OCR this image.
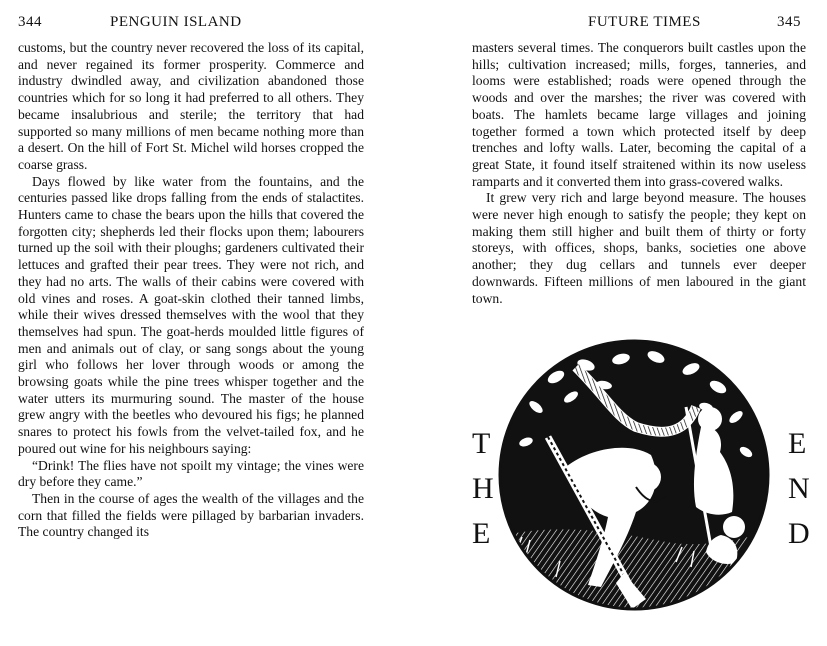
344	PENGUIN ISLAND

customs, but the country never recovered the loss of its capital, and never regained its former prosperity. Commerce and industry dwindled away, and civilization abandoned those countries which for so long it had preferred to all others. They became insalubrious and sterile; the territory that had supported so many millions of men became nothing more than a desert. On the hill of Fort St. Michel wild horses cropped the coarse grass.

Days flowed by like water from the fountains, and the centuries passed like drops falling from the ends of stalactites. Hunters came to chase the bears upon the hills that covered the forgotten city; shepherds led their flocks upon them; labourers turned up the soil with their ploughs; gardeners cultivated their lettuces and grafted their pear trees. They were not rich, and they had no arts. The walls of their cabins were covered with old vines and roses. A goat-skin clothed their tanned limbs, while their wives dressed themselves with the wool that they themselves had spun. The goat-herds moulded little figures of men and animals out of clay, or sang songs about the young girl who follows her lover through woods or among the browsing goats while the pine trees whisper together and the water utters its murmuring sound. The master of the house grew angry with the beetles who devoured his figs; he planned snares to protect his fowls from the velvet-tailed fox, and he poured out wine for his neighbours saying:

“Drink! The flies have not spoilt my vintage; the vines were dry before they came.”

Then in the course of ages the wealth of the villages and the corn that filled the fields were pillaged by barbarian invaders. The country changed its

FUTURE TIMES	345

masters several times. The conquerors built castles upon the hills; cultivation increased; mills, forges, tanneries, and looms were established; roads were opened through the woods and over the marshes; the river was covered with boats. The hamlets became large villages and joining together formed a town which protected itself by deep trenches and lofty walls. Later, becoming the capital of a great State, it found itself straitened within its now useless ramparts and it converted them into grass-covered walks.

It grew very rich and large beyond measure. The houses were never high enough to satisfy the people; they kept on making them still higher and built them of thirty or forty storeys, with offices, shops, banks, societies one above another; they dug cellars and tunnels ever deeper downwards. Fifteen millions of men laboured in the giant town.

T
H
E
E
N
D
